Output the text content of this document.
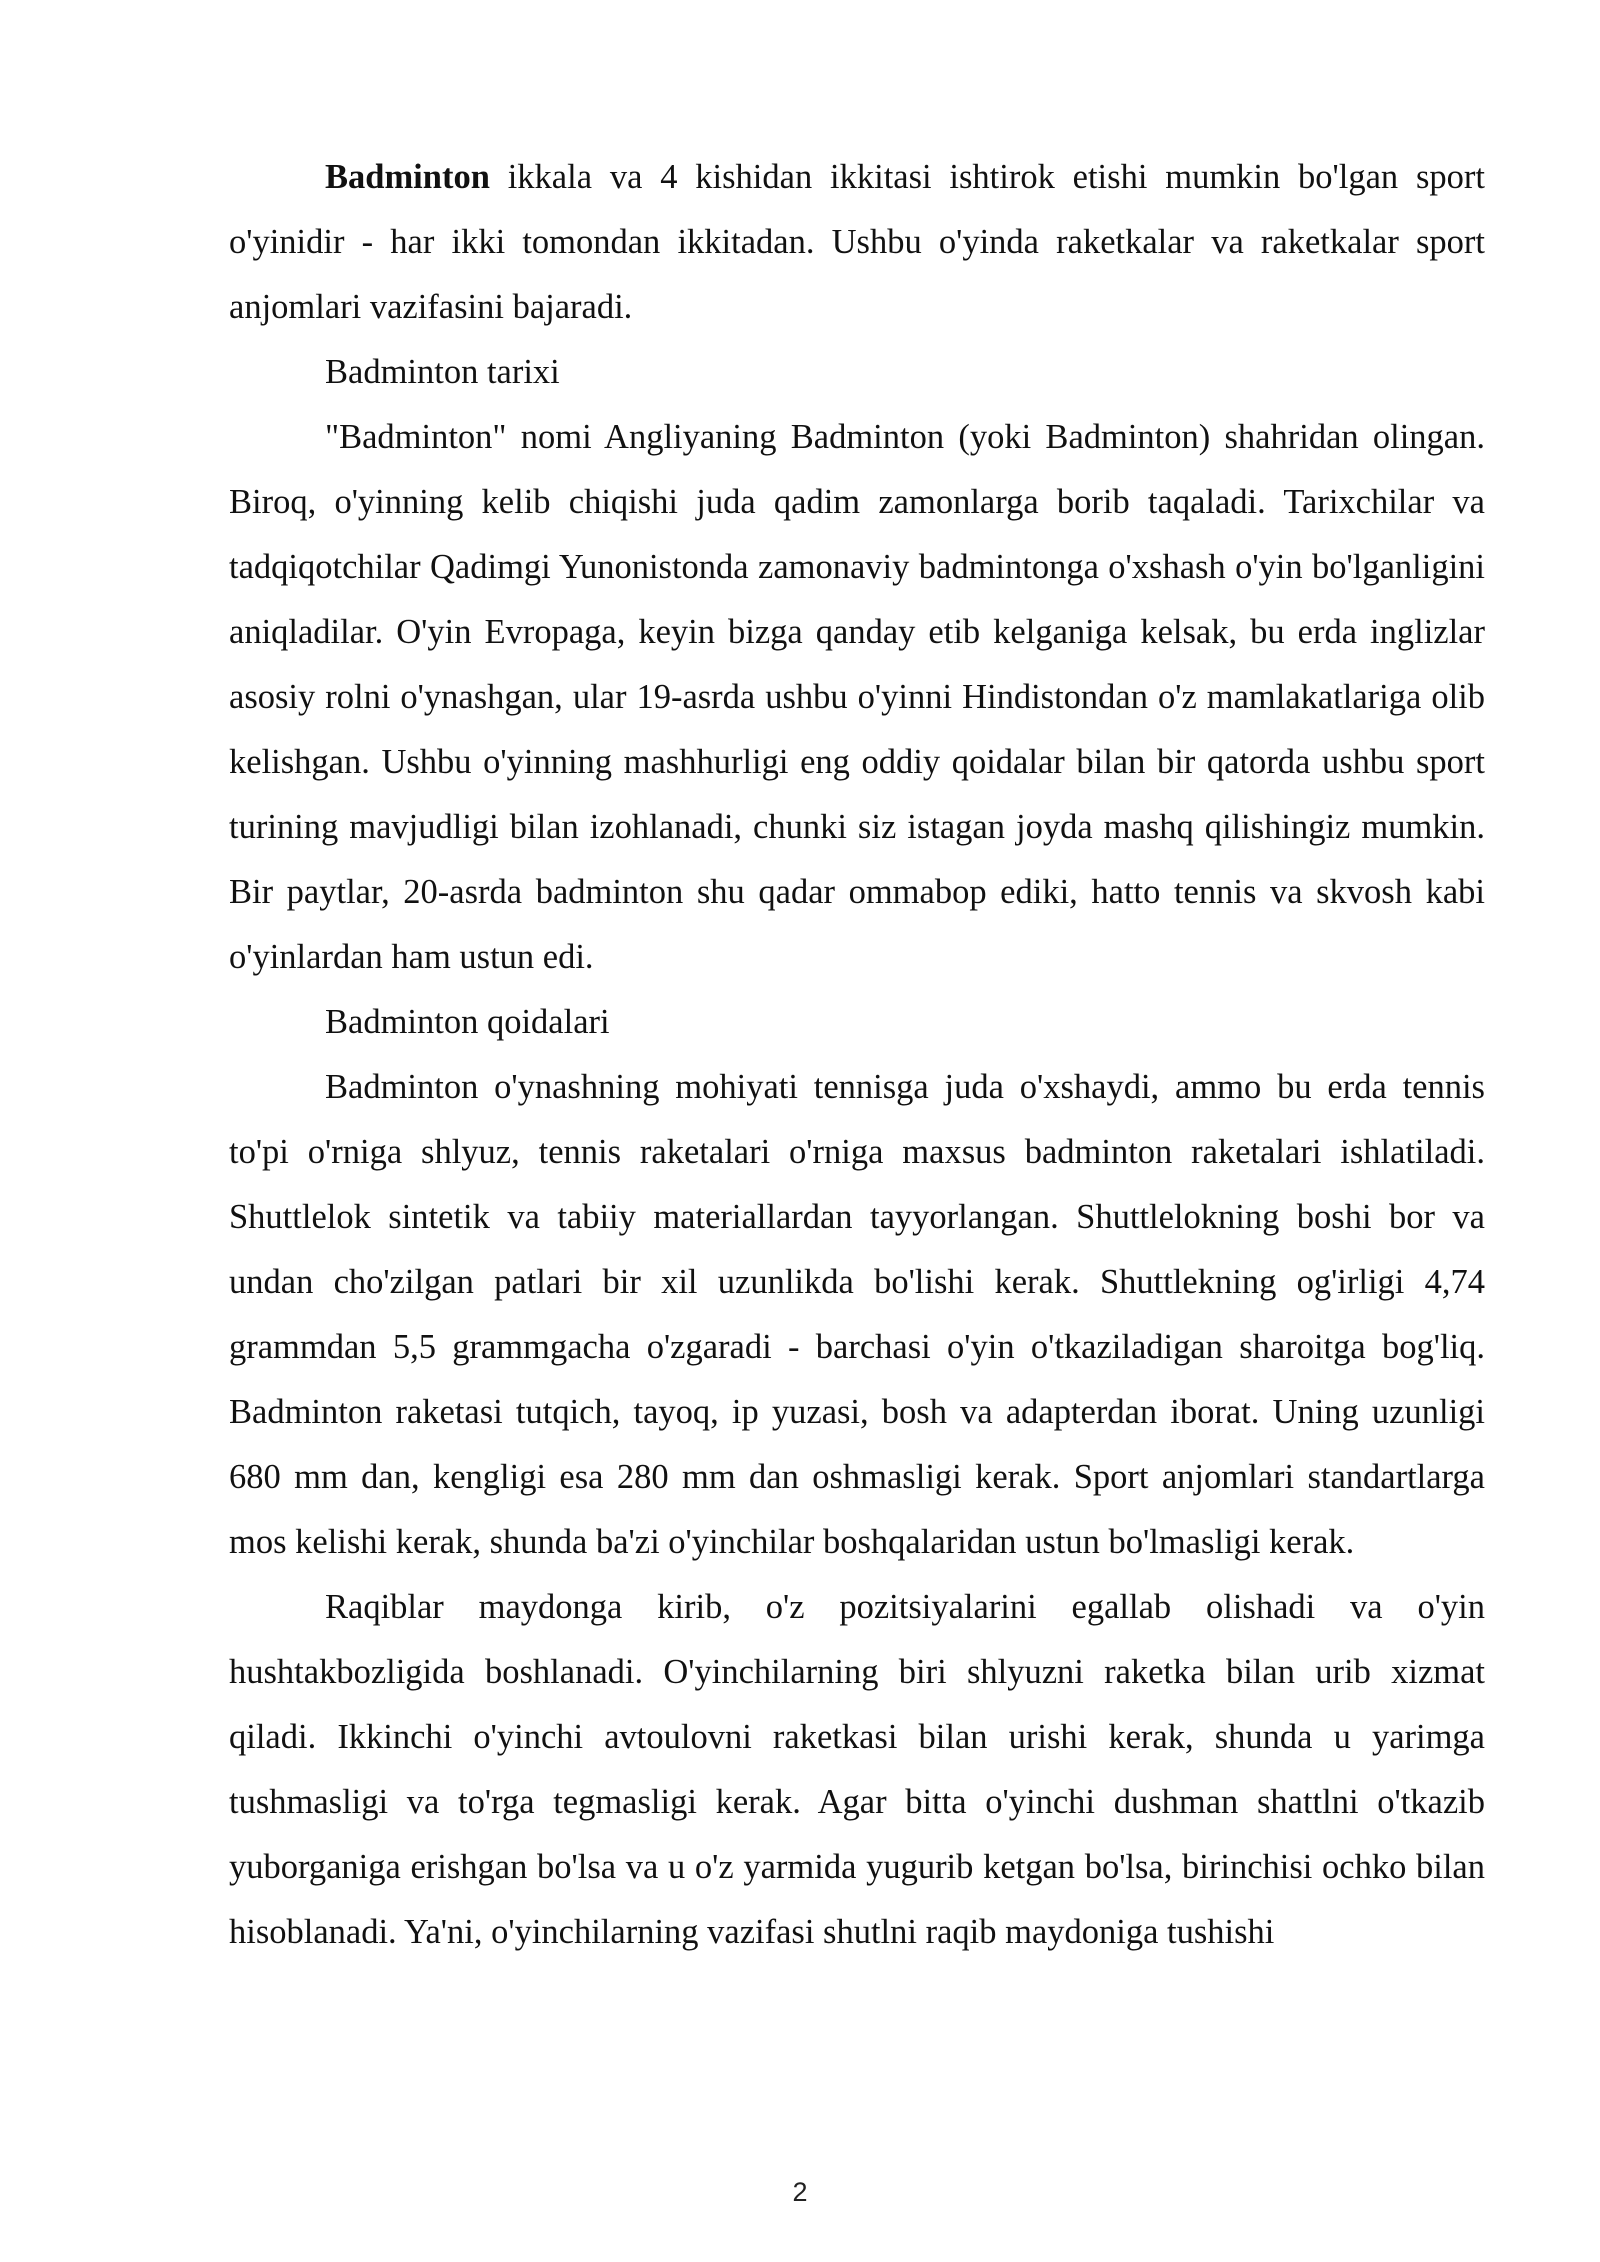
Badminton ikkala va 4 kishidan ikkitasi ishtirok etishi mumkin bo'lgan sport o'yinidir - har ikki tomondan ikkitadan. Ushbu o'yinda raketkalar va raketkalar sport anjomlari vazifasini bajaradi.

Badminton tarixi

"Badminton" nomi Angliyaning Badminton (yoki Badminton) shahridan olingan. Biroq, o'yinning kelib chiqishi juda qadim zamonlarga borib taqaladi. Tarixchilar va tadqiqotchilar Qadimgi Yunonistonda zamonaviy badmintonga o'xshash o'yin bo'lganligini aniqladilar. O'yin Evropaga, keyin bizga qanday etib kelganiga kelsak, bu erda inglizlar asosiy rolni o'ynashgan, ular 19-asrda ushbu o'yinni Hindistondan o'z mamlakatlariga olib kelishgan. Ushbu o'yinning mashhurligi eng oddiy qoidalar bilan bir qatorda ushbu sport turining mavjudligi bilan izohlanadi, chunki siz istagan joyda mashq qilishingiz mumkin. Bir paytlar, 20-asrda badminton shu qadar ommabop ediki, hatto tennis va skvosh kabi o'yinlardan ham ustun edi.

Badminton qoidalari

Badminton o'ynashning mohiyati tennisga juda o'xshaydi, ammo bu erda tennis to'pi o'rniga shlyuz, tennis raketalari o'rniga maxsus badminton raketalari ishlatiladi. Shuttlelok sintetik va tabiiy materiallardan tayyorlangan. Shuttlelokning boshi bor va undan cho'zilgan patlari bir xil uzunlikda bo'lishi kerak. Shuttlekning og'irligi 4,74 grammdan 5,5 grammgacha o'zgaradi - barchasi o'yin o'tkaziladigan sharoitga bog'liq. Badminton raketasi tutqich, tayoq, ip yuzasi, bosh va adapterdan iborat. Uning uzunligi 680 mm dan, kengligi esa 280 mm dan oshmasligi kerak. Sport anjomlari standartlarga mos kelishi kerak, shunda ba'zi o'yinchilar boshqalaridan ustun bo'lmasligi kerak.

Raqiblar maydonga kirib, o'z pozitsiyalarini egallab olishadi va o'yin hushtakbozligida boshlanadi. O'yinchilarning biri shlyuzni raketka bilan urib xizmat qiladi. Ikkinchi o'yinchi avtoulovni raketkasi bilan urishi kerak, shunda u yarimga tushmasligi va to'rga tegmasligi kerak. Agar bitta o'yinchi dushman shattlni o'tkazib yuborganiga erishgan bo'lsa va u o'z yarmida yugurib ketgan bo'lsa, birinchisi ochko bilan hisoblanadi. Ya'ni, o'yinchilarning vazifasi shutlni raqib maydoniga tushishi

2
